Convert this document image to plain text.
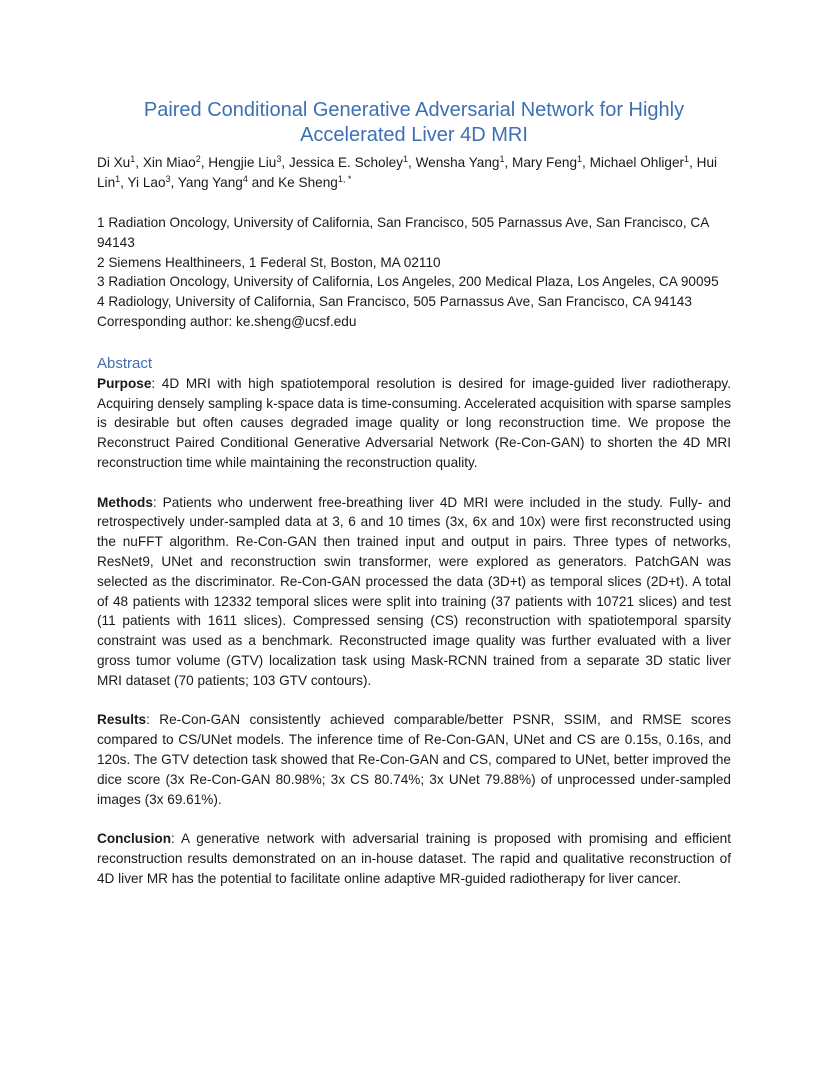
Paired Conditional Generative Adversarial Network for Highly
Accelerated Liver 4D MRI

Di Xu$^1$, Xin Miao$^2$, Hengjie Liu$^3$, Jessica E. Scholey$^1$, Wensha Yang$^1$, Mary Feng$^1$, Michael Ohliger$^1$, Hui Lin$^1$, Yi Lao$^3$, Yang Yang$^4$ and Ke Sheng$^{1, *}$

1 Radiation Oncology, University of California, San Francisco, 505 Parnassus Ave, San Francisco, CA 94143
2 Siemens Healthineers, 1 Federal St, Boston, MA 02110
3 Radiation Oncology, University of California, Los Angeles, 200 Medical Plaza, Los Angeles, CA 90095
4 Radiology, University of California, San Francisco, 505 Parnassus Ave, San Francisco, CA 94143
Corresponding author: ke.sheng@ucsf.edu
Abstract

Purpose: 4D MRI with high spatiotemporal resolution is desired for image-guided liver radiotherapy. Acquiring densely sampling k-space data is time-consuming. Accelerated acquisition with sparse samples is desirable but often causes degraded image quality or long reconstruction time. We propose the Reconstruct Paired Conditional Generative Adversarial Network (Re-Con-GAN) to shorten the 4D MRI reconstruction time while maintaining the reconstruction quality.

Methods: Patients who underwent free-breathing liver 4D MRI were included in the study. Fully- and retrospectively under-sampled data at 3, 6 and 10 times (3x, 6x and 10x) were first reconstructed using the nuFFT algorithm. Re-Con-GAN then trained input and output in pairs. Three types of networks, ResNet9, UNet and reconstruction swin transformer, were explored as generators. PatchGAN was selected as the discriminator. Re-Con-GAN processed the data (3D+t) as temporal slices (2D+t). A total of 48 patients with 12332 temporal slices were split into training (37 patients with 10721 slices) and test (11 patients with 1611 slices). Compressed sensing (CS) reconstruction with spatiotemporal sparsity constraint was used as a benchmark. Reconstructed image quality was further evaluated with a liver gross tumor volume (GTV) localization task using Mask-RCNN trained from a separate 3D static liver MRI dataset (70 patients; 103 GTV contours).

Results: Re-Con-GAN consistently achieved comparable/better PSNR, SSIM, and RMSE scores compared to CS/UNet models. The inference time of Re-Con-GAN, UNet and CS are 0.15s, 0.16s, and 120s. The GTV detection task showed that Re-Con-GAN and CS, compared to UNet, better improved the dice score (3x Re-Con-GAN 80.98%; 3x CS 80.74%; 3x UNet 79.88%) of unprocessed under-sampled images (3x 69.61%).

Conclusion: A generative network with adversarial training is proposed with promising and efficient reconstruction results demonstrated on an in-house dataset. The rapid and qualitative reconstruction of 4D liver MR has the potential to facilitate online adaptive MR-guided radiotherapy for liver cancer.
